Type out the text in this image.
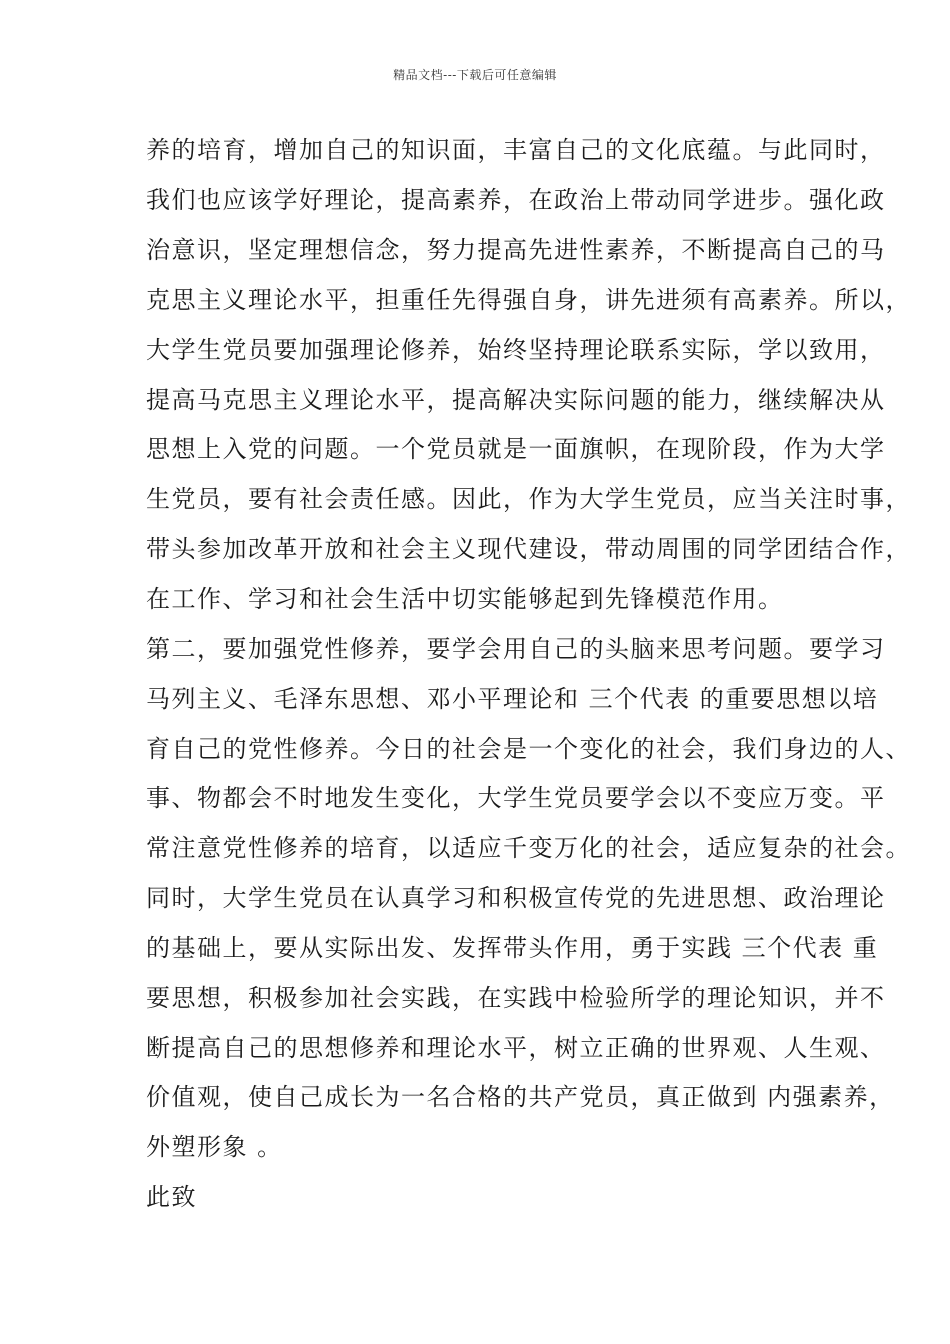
精品文档---下载后可任意编辑
养的培育，增加自己的知识面，丰富自己的文化底蕴。与此同时，
我们也应该学好理论，提高素养，在政治上带动同学进步。强化政
治意识，坚定理想信念，努力提高先进性素养，不断提高自己的马
克思主义理论水平，担重任先得强自身，讲先进须有高素养。所以，
大学生党员要加强理论修养，始终坚持理论联系实际，学以致用，
提高马克思主义理论水平，提高解决实际问题的能力，继续解决从
思想上入党的问题。一个党员就是一面旗帜，在现阶段，作为大学
生党员，要有社会责任感。因此，作为大学生党员，应当关注时事，
带头参加改革开放和社会主义现代建设，带动周围的同学团结合作，
在工作、学习和社会生活中切实能够起到先锋模范作用。
第二，要加强党性修养，要学会用自己的头脑来思考问题。要学习
马列主义、毛泽东思想、邓小平理论和 三个代表 的重要思想以培
育自己的党性修养。今日的社会是一个变化的社会，我们身边的人、
事、物都会不时地发生变化，大学生党员要学会以不变应万变。平
常注意党性修养的培育，以适应千变万化的社会，适应复杂的社会。
同时，大学生党员在认真学习和积极宣传党的先进思想、政治理论
的基础上，要从实际出发、发挥带头作用，勇于实践 三个代表 重
要思想，积极参加社会实践，在实践中检验所学的理论知识，并不
断提高自己的思想修养和理论水平，树立正确的世界观、人生观、
价值观，使自己成长为一名合格的共产党员，真正做到 内强素养，
外塑形象 。
此致
